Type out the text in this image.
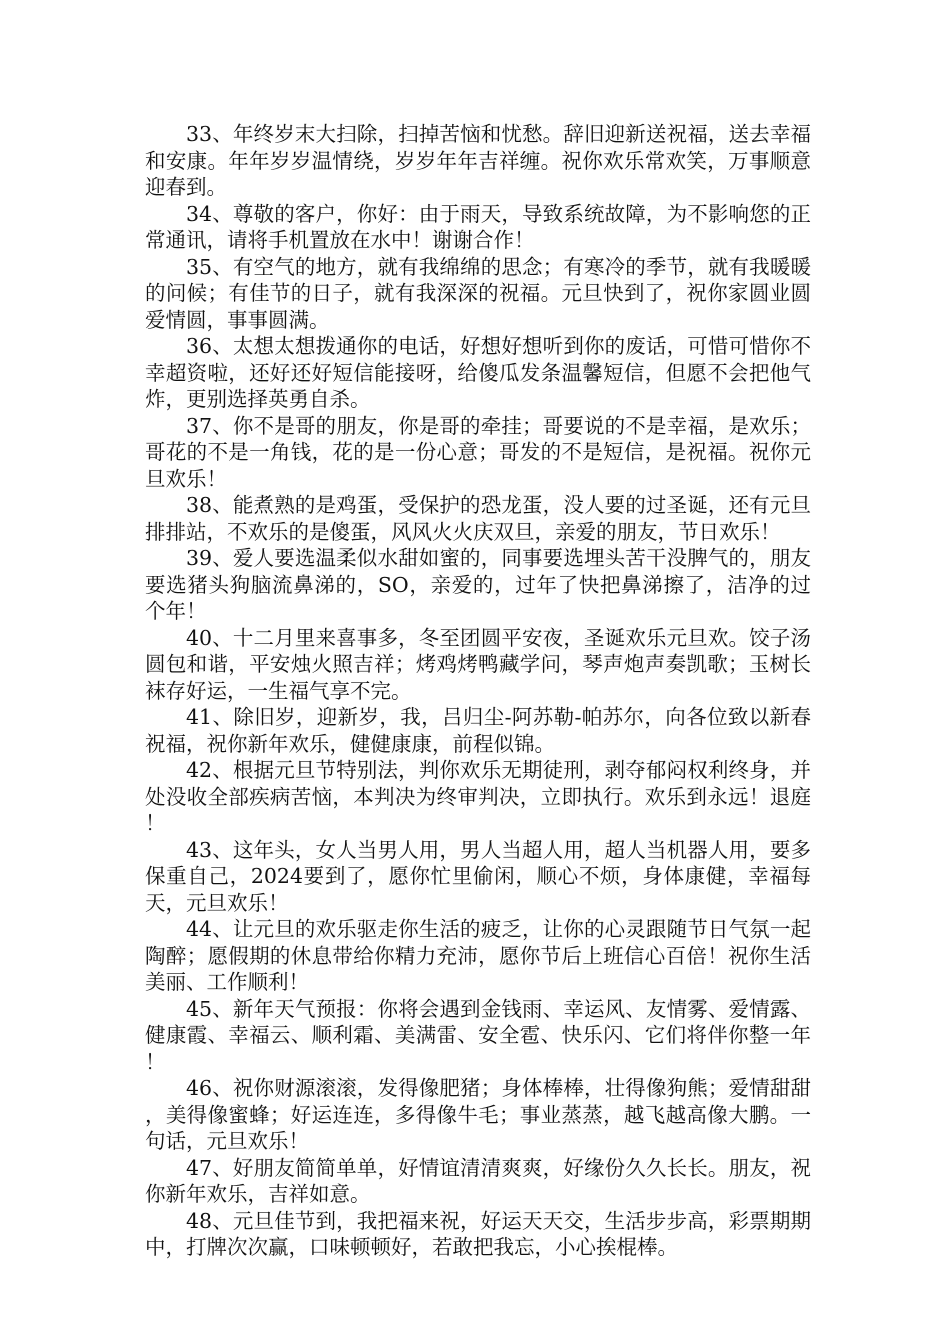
33、年终岁末大扫除，扫掉苦恼和忧愁。辞旧迎新送祝福，送去幸福和安康。年年岁岁温情绕，岁岁年年吉祥缠。祝你欢乐常欢笑，万事顺意迎春到。

34、尊敬的客户，你好：由于雨天，导致系统故障，为不影响您的正常通讯，请将手机置放在水中！谢谢合作！

35、有空气的地方，就有我绵绵的思念；有寒冷的季节，就有我暖暖的问候；有佳节的日子，就有我深深的祝福。元旦快到了，祝你家圆业圆爱情圆，事事圆满。

36、太想太想拨通你的电话，好想好想听到你的废话，可惜可惜你不幸超资啦，还好还好短信能接呀，给傻瓜发条温馨短信，但愿不会把他气炸，更别选择英勇自杀。

37、你不是哥的朋友，你是哥的牵挂；哥要说的不是幸福，是欢乐；哥花的不是一角钱，花的是一份心意；哥发的不是短信，是祝福。祝你元旦欢乐！

38、能煮熟的是鸡蛋，受保护的恐龙蛋，没人要的过圣诞，还有元旦排排站，不欢乐的是傻蛋，风风火火庆双旦，亲爱的朋友，节日欢乐！

39、爱人要选温柔似水甜如蜜的，同事要选埋头苦干没脾气的，朋友要选猪头狗脑流鼻涕的，SO，亲爱的，过年了快把鼻涕擦了，洁净的过个年！

40、十二月里来喜事多，冬至团圆平安夜，圣诞欢乐元旦欢。饺子汤圆包和谐，平安烛火照吉祥；烤鸡烤鸭藏学问，琴声炮声奏凯歌；玉树长袜存好运，一生福气享不完。

41、除旧岁，迎新岁，我，吕归尘-阿苏勒-帕苏尔，向各位致以新春祝福，祝你新年欢乐，健健康康，前程似锦。

42、根据元旦节特别法，判你欢乐无期徒刑，剥夺郁闷权利终身，并处没收全部疾病苦恼，本判决为终审判决，立即执行。欢乐到永远！退庭！

43、这年头，女人当男人用，男人当超人用，超人当机器人用，要多保重自己，2024要到了，愿你忙里偷闲，顺心不烦，身体康健，幸福每天，元旦欢乐！

44、让元旦的欢乐驱走你生活的疲乏，让你的心灵跟随节日气氛一起陶醉；愿假期的休息带给你精力充沛，愿你节后上班信心百倍！祝你生活美丽、工作顺利！

45、新年天气预报：你将会遇到金钱雨、幸运风、友情雾、爱情露、健康霞、幸福云、顺利霜、美满雷、安全雹、快乐闪、它们将伴你整一年！

46、祝你财源滚滚，发得像肥猪；身体棒棒，壮得像狗熊；爱情甜甜，美得像蜜蜂；好运连连，多得像牛毛；事业蒸蒸，越飞越高像大鹏。一句话，元旦欢乐！

47、好朋友简简单单，好情谊清清爽爽，好缘份久久长长。朋友，祝你新年欢乐，吉祥如意。

48、元旦佳节到，我把福来祝，好运天天交，生活步步高，彩票期期中，打牌次次赢，口味顿顿好，若敢把我忘，小心挨棍棒。
